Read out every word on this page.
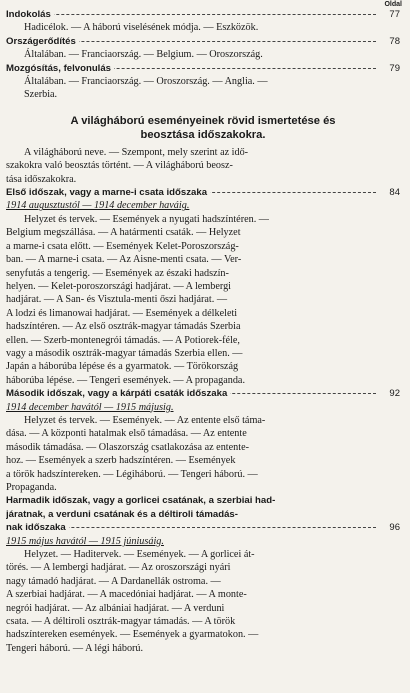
Oldal
Indokolás	77
Hadicélok. — A háború viselésének módja. — Eszközök.
Országerődítés	78
Általában. — Franciaország. — Belgium. — Oroszország.
Mozgósítás, felvonulás	79
Általában. — Franciaország. — Oroszország. — Anglia. —
Szerbia.
A világháború eseményeinek rövid ismertetése és
beosztása időszakokra.
A világháború neve. — Szempont, mely szerint az idő-
szakokra való beosztás történt. — A világháború beosz-
tása időszakokra.
Első időszak, vagy a marne-i csata időszaka	84
1914 augusztustól — 1914 december haváig.
Helyzet és tervek. — Események a nyugati hadszíntéren. —
Belgium megszállása. — A határmenti csaták. — Helyzet
a marne-i csata előtt. — Események Kelet-Poroszország-
ban. — A marne-i csata. — Az Aisne-menti csata. — Ver-
senyfutás a tengerig. — Események az északi hadszín-
helyen. — Kelet-poroszországi hadjárat. — A lembergi
hadjárat. — A San- és Visztula-menti őszi hadjárat. —
A lodzi és limanowai hadjárat. — Események a délkeleti
hadszíntéren. — Az első osztrák-magyar támadás Szerbia
ellen. — Szerb-montenegrói támadás. — A Potiorek-féle,
vagy a második osztrák-magyar támadás Szerbia ellen. —
Japán a háborúba lépése és a gyarmatok. — Törökország
háborúba lépése. — Tengeri események. — A propaganda.
Második időszak, vagy a kárpáti csaták időszaka	92
1914 december havától — 1915 májusig.
Helyzet és tervek. — Események. — Az entente első táma-
dása. — A központi hatalmak első támadása. — Az entente
második támadása. — Olaszország csatlakozása az entente-
hoz. — Események a szerb hadszíntéren. — Események
a török hadszíntereken. — Légiháború. — Tengeri háború. —
Propaganda.
Harmadik időszak, vagy a gorlicei csatának, a szerbiai had-
járatnak, a verduni csatának és a déltiroli támadás-
nak időszaka	96
1915 május havától — 1915 júniusáig.
Helyzet. — Haditervek. — Események. — A gorlicei át-
törés. — A lembergi hadjárat. — Az oroszországi nyári
nagy támadó hadjárat. — A Dardanellák ostroma. —
A szerbiai hadjárat. — A macedóniai hadjárat. — A monte-
negrói hadjárat. — Az albániai hadjárat. — A verduni
csata. — A déltiroli osztrák-magyar támadás. — A török
hadszíntereken események. — Események a gyarmatokon. —
Tengeri háború. — A légi háború.
